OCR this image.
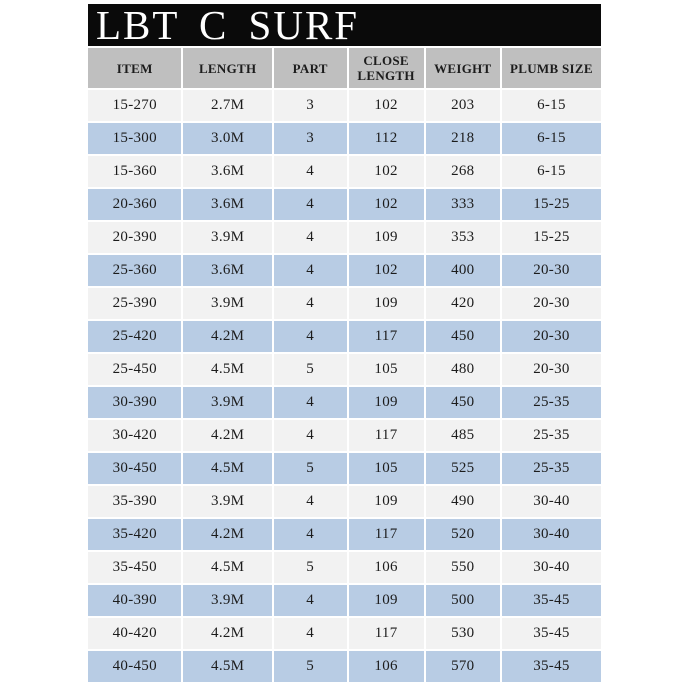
LBT C SURF
ITEM	LENGTH	PART	CLOSE LENGTH	WEIGHT	PLUMB SIZE
15-270	2.7M	3	102	203	6-15
15-300	3.0M	3	112	218	6-15
15-360	3.6M	4	102	268	6-15
20-360	3.6M	4	102	333	15-25
20-390	3.9M	4	109	353	15-25
25-360	3.6M	4	102	400	20-30
25-390	3.9M	4	109	420	20-30
25-420	4.2M	4	117	450	20-30
25-450	4.5M	5	105	480	20-30
30-390	3.9M	4	109	450	25-35
30-420	4.2M	4	117	485	25-35
30-450	4.5M	5	105	525	25-35
35-390	3.9M	4	109	490	30-40
35-420	4.2M	4	117	520	30-40
35-450	4.5M	5	106	550	30-40
40-390	3.9M	4	109	500	35-45
40-420	4.2M	4	117	530	35-45
40-450	4.5M	5	106	570	35-45
